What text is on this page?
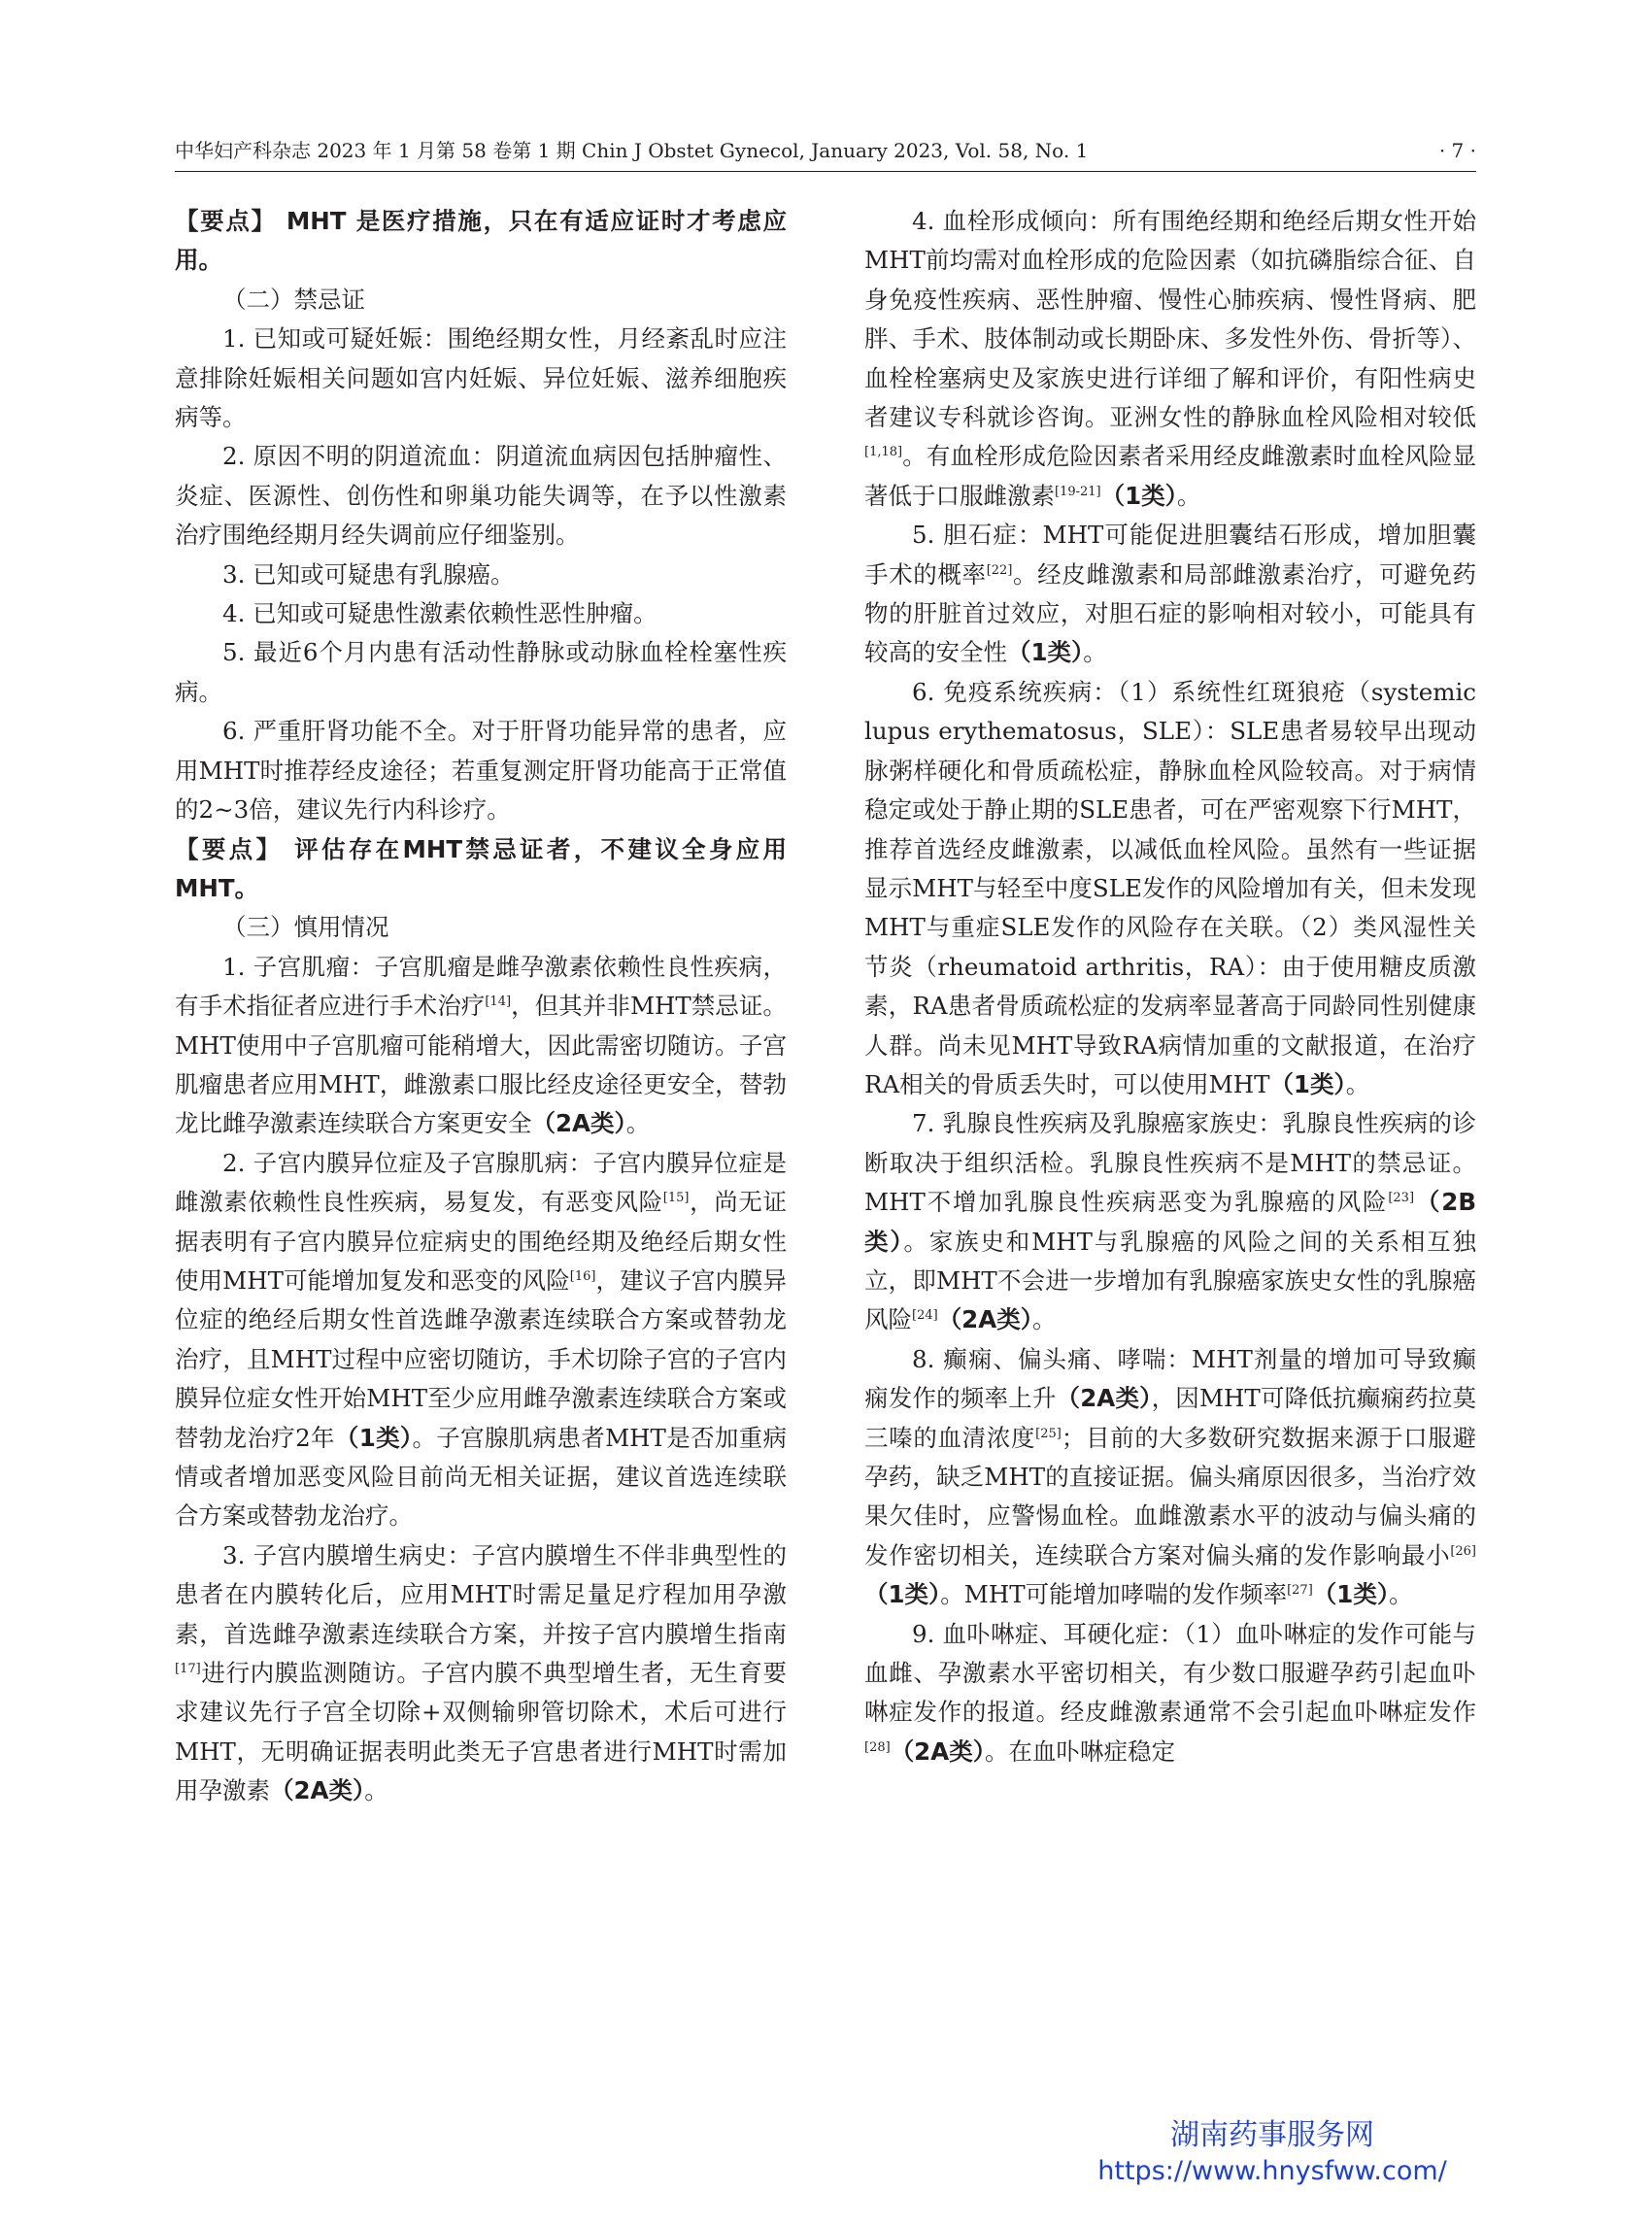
中华妇产科杂志 2023 年 1 月第 58 卷第 1 期 Chin J Obstet Gynecol, January 2023, Vol. 58, No. 1	· 7 ·

【要点】 MHT 是医疗措施，只在有适应证时才考虑应用。

（二）禁忌证

1. 已知或可疑妊娠：围绝经期女性，月经紊乱时应注意排除妊娠相关问题如宫内妊娠、异位妊娠、滋养细胞疾病等。

2. 原因不明的阴道流血：阴道流血病因包括肿瘤性、炎症、医源性、创伤性和卵巢功能失调等，在予以性激素治疗围绝经期月经失调前应仔细鉴别。

3. 已知或可疑患有乳腺癌。

4. 已知或可疑患性激素依赖性恶性肿瘤。

5. 最近6个月内患有活动性静脉或动脉血栓栓塞性疾病。

6. 严重肝肾功能不全。对于肝肾功能异常的患者，应用MHT时推荐经皮途径；若重复测定肝肾功能高于正常值的2~3倍，建议先行内科诊疗。

【要点】 评估存在MHT禁忌证者，不建议全身应用MHT。

（三）慎用情况

1. 子宫肌瘤：子宫肌瘤是雌孕激素依赖性良性疾病，有手术指征者应进行手术治疗[14]，但其并非MHT禁忌证。MHT使用中子宫肌瘤可能稍增大，因此需密切随访。子宫肌瘤患者应用MHT，雌激素口服比经皮途径更安全，替勃龙比雌孕激素连续联合方案更安全（2A类）。

2. 子宫内膜异位症及子宫腺肌病：子宫内膜异位症是雌激素依赖性良性疾病，易复发，有恶变风险[15]，尚无证据表明有子宫内膜异位症病史的围绝经期及绝经后期女性使用MHT可能增加复发和恶变的风险[16]，建议子宫内膜异位症的绝经后期女性首选雌孕激素连续联合方案或替勃龙治疗，且MHT过程中应密切随访，手术切除子宫的子宫内膜异位症女性开始MHT至少应用雌孕激素连续联合方案或替勃龙治疗2年（1类）。子宫腺肌病患者MHT是否加重病情或者增加恶变风险目前尚无相关证据，建议首选连续联合方案或替勃龙治疗。

3. 子宫内膜增生病史：子宫内膜增生不伴非典型性的患者在内膜转化后，应用MHT时需足量足疗程加用孕激素，首选雌孕激素连续联合方案，并按子宫内膜增生指南[17]进行内膜监测随访。子宫内膜不典型增生者，无生育要求建议先行子宫全切除+双侧输卵管切除术，术后可进行MHT，无明确证据表明此类无子宫患者进行MHT时需加用孕激素（2A类）。

4. 血栓形成倾向：所有围绝经期和绝经后期女性开始MHT前均需对血栓形成的危险因素（如抗磷脂综合征、自身免疫性疾病、恶性肿瘤、慢性心肺疾病、慢性肾病、肥胖、手术、肢体制动或长期卧床、多发性外伤、骨折等）、血栓栓塞病史及家族史进行详细了解和评价，有阳性病史者建议专科就诊咨询。亚洲女性的静脉血栓风险相对较低[1,18]。有血栓形成危险因素者采用经皮雌激素时血栓风险显著低于口服雌激素[19-21]（1类）。

5. 胆石症：MHT可能促进胆囊结石形成，增加胆囊手术的概率[22]。经皮雌激素和局部雌激素治疗，可避免药物的肝脏首过效应，对胆石症的影响相对较小，可能具有较高的安全性（1类）。

6. 免疫系统疾病：（1）系统性红斑狼疮（systemic lupus erythematosus，SLE）：SLE患者易较早出现动脉粥样硬化和骨质疏松症，静脉血栓风险较高。对于病情稳定或处于静止期的SLE患者，可在严密观察下行MHT，推荐首选经皮雌激素，以减低血栓风险。虽然有一些证据显示MHT与轻至中度SLE发作的风险增加有关，但未发现MHT与重症SLE发作的风险存在关联。（2）类风湿性关节炎（rheumatoid arthritis，RA）：由于使用糖皮质激素，RA患者骨质疏松症的发病率显著高于同龄同性别健康人群。尚未见MHT导致RA病情加重的文献报道，在治疗RA相关的骨质丢失时，可以使用MHT（1类）。

7. 乳腺良性疾病及乳腺癌家族史：乳腺良性疾病的诊断取决于组织活检。乳腺良性疾病不是MHT的禁忌证。MHT不增加乳腺良性疾病恶变为乳腺癌的风险[23]（2B类）。家族史和MHT与乳腺癌的风险之间的关系相互独立，即MHT不会进一步增加有乳腺癌家族史女性的乳腺癌风险[24]（2A类）。

8. 癫痫、偏头痛、哮喘：MHT剂量的增加可导致癫痫发作的频率上升（2A类），因MHT可降低抗癫痫药拉莫三嗪的血清浓度[25]；目前的大多数研究数据来源于口服避孕药，缺乏MHT的直接证据。偏头痛原因很多，当治疗效果欠佳时，应警惕血栓。血雌激素水平的波动与偏头痛的发作密切相关，连续联合方案对偏头痛的发作影响最小[26]（1类）。MHT可能增加哮喘的发作频率[27]（1类）。

9. 血卟啉症、耳硬化症：（1）血卟啉症的发作可能与血雌、孕激素水平密切相关，有少数口服避孕药引起血卟啉症发作的报道。经皮雌激素通常不会引起血卟啉症发作[28]（2A类）。在血卟啉症稳定

湖南药事服务网
https://www.hnysfww.com/
